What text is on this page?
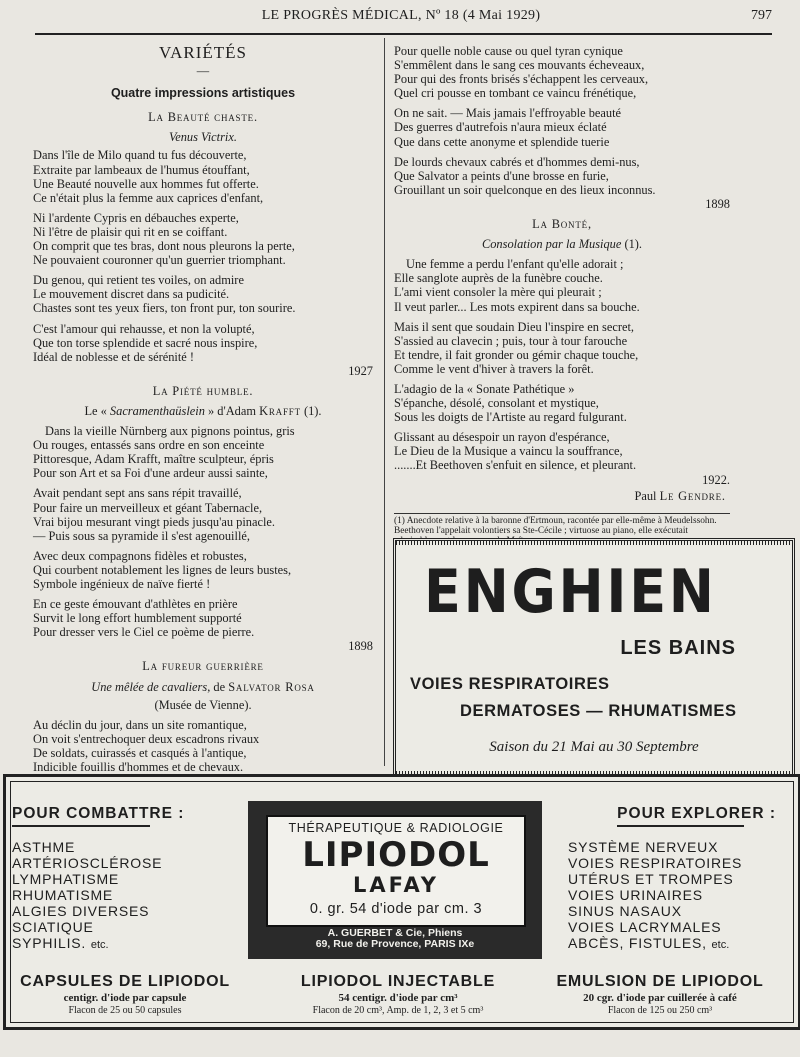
LE PROGRÈS MÉDICAL, Nº 18 (4 Mai 1929)	797
VARIÉTÉS
—
Quatre impressions artistiques
La Beauté chaste.
Venus Victrix.
Dans l'île de Milo quand tu fus découverte,
Extraite par lambeaux de l'humus étouffant,
Une Beauté nouvelle aux hommes fut offerte.
Ce n'était plus la femme aux caprices d'enfant,
Ni l'ardente Cypris en débauches experte,
Ni l'être de plaisir qui rit en se coiffant.
On comprit que tes bras, dont nous pleurons la perte,
Ne pouvaient couronner qu'un guerrier triomphant.
Du genou, qui retient tes voiles, on admire
Le mouvement discret dans sa pudicité.
Chastes sont tes yeux fiers, ton front pur, ton sourire.
C'est l'amour qui rehausse, et non la volupté,
Que ton torse splendide et sacré nous inspire,
Idéal de noblesse et de sérénité !
1927
La Piété humble.
Le « Sacramenthaüslein » d'Adam Krafft (1).
Dans la vieille Nürnberg aux pignons pointus, gris
Ou rouges, entassés sans ordre en son enceinte
Pittoresque, Adam Krafft, maître sculpteur, épris
Pour son Art et sa Foi d'une ardeur aussi sainte,
Avait pendant sept ans sans répit travaillé,
Pour faire un merveilleux et géant Tabernacle,
Vrai bijou mesurant vingt pieds jusqu'au pinacle.
— Puis sous sa pyramide il s'est agenouillé,
Avec deux compagnons fidèles et robustes,
Qui courbent notablement les lignes de leurs bustes,
Symbole ingénieux de naïve fierté !
En ce geste émouvant d'athlètes en prière
Survit le long effort humblement supporté
Pour dresser vers le Ciel ce poème de pierre.
1898
La fureur guerrière
Une mêlée de cavaliers, de Salvator Rosa
(Musée de Vienne).
Au déclin du jour, dans un site romantique,
On voit s'entrechoquer deux escadrons rivaux
De soldats, cuirassés et casqués à l'antique,
Indicible fouillis d'hommes et de chevaux.
Pour quelle noble cause ou quel tyran cynique
S'emmêlent dans le sang ces mouvants écheveaux,
Pour qui des fronts brisés s'échappent les cerveaux,
Quel cri pousse en tombant ce vaincu frénétique,
On ne sait. — Mais jamais l'effroyable beauté
Des guerres d'autrefois n'aura mieux éclaté
Que dans cette anonyme et splendide tuerie
De lourds chevaux cabrés et d'hommes demi-nus,
Que Salvator a peints d'une brosse en furie,
Grouillant un soir quelconque en des lieux inconnus.
1898
La Bonté,
Consolation par la Musique (1).
Une femme a perdu l'enfant qu'elle adorait ;
Elle sanglote auprès de la funèbre couche.
L'ami vient consoler la mère qui pleurait ;
Il veut parler... Les mots expirent dans sa bouche.
Mais il sent que soudain Dieu l'inspire en secret,
S'assied au clavecin ; puis, tour à tour farouche
Et tendre, il fait gronder ou gémir chaque touche,
Comme le vent d'hiver à travers la forêt.
L'adagio de la « Sonate Pathétique »
S'épanche, désolé, consolant et mystique,
Sous les doigts de l'Artiste au regard fulgurant.
Glissant au désespoir un rayon d'espérance,
Le Dieu de la Musique a vaincu la souffrance,
.......Et Beethoven s'enfuit en silence, et pleurant.
1922.
Paul Le Gendre.
(1) Anecdote relative à la baronne d'Ertmoun, racontée par elle-même à Meudelssohn. Beethoven l'appelait volontiers sa Ste-Cécile ; virtuose au piano, elle exécutait
ENGHIEN
LES BAINS
VOIES RESPIRATOIRES
DERMATOSES — RHUMATISMES
Saison du 21 Mai au 30 Septembre
POUR COMBATTRE :
ASTHME
ARTÉRIOSCLÉROSE
LYMPHATISME
RHUMATISME
ALGIES DIVERSES
SCIATIQUE
SYPHILIS. etc.
THÉRAPEUTIQUE & RADIOLOGIE
LIPIODOL
LAFAY
0. gr. 54 d'iode par cm. 3
A. GUERBET & Cie, Phiens
69, Rue de Provence, PARIS IXe
POUR EXPLORER :
SYSTÈME NERVEUX
VOIES RESPIRATOIRES
UTÉRUS ET TROMPES
VOIES URINAIRES
SINUS NASAUX
VOIES LACRYMALES
ABCÈS, FISTULES, etc.
CAPSULES DE LIPIODOL
centigr. d'iode par capsule
Flacon de 25 ou 50 capsules
LIPIODOL INJECTABLE
54 centigr. d'iode par cm³
Flacon de 20 cm³, Amp. de 1, 2, 3 et 5 cm³
EMULSION DE LIPIODOL
20 cgr. d'iode par cuillerée à café
Flacon de 125 ou 250 cm³
